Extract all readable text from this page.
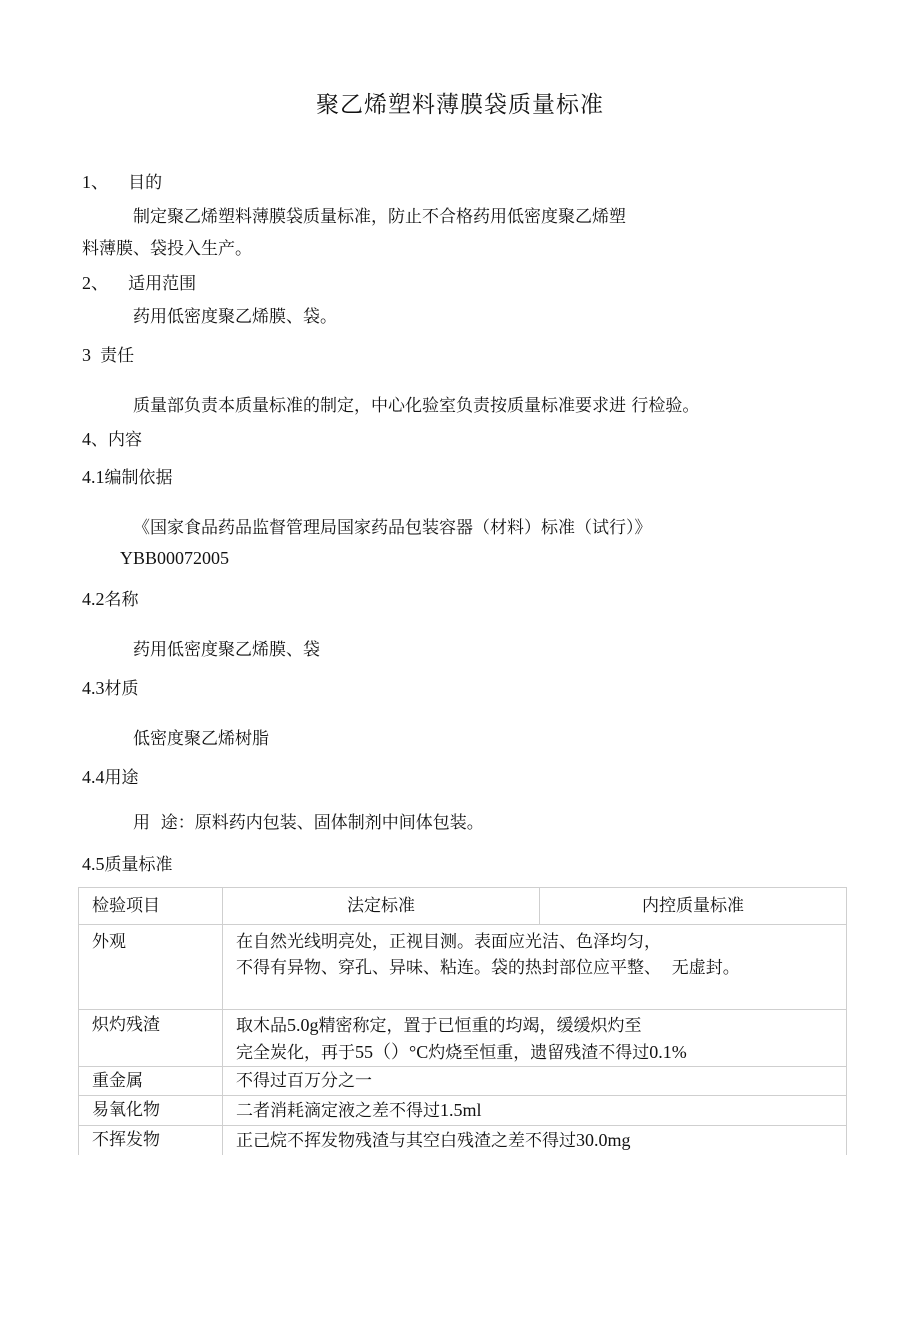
聚乙烯塑料薄膜袋质量标准
1、 目的
制定聚乙烯塑料薄膜袋质量标准，防止不合格药用低密度聚乙烯塑
料薄膜、袋投入生产。
2、 适用范围
药用低密度聚乙烯膜、袋。
3 责任
质量部负责本质量标准的制定，中心化验室负责按质量标准要求进 行检验。
4、内容
4.1编制依据
《国家食品药品监督管理局国家药品包装容器（材料）标准（试行）》
YBB00072005
4.2名称
药用低密度聚乙烯膜、袋
4.3材质
低密度聚乙烯树脂
4.4用途
用  途：原料药内包装、固体制剂中间体包装。
4.5质量标准
检验项目	法定标准	内控质量标准
外观	在自然光线明亮处，正视目测。表面应光洁、色泽均匀，
不得有异物、穿孔、异味、粘连。袋的热封部位应平整、  无虚封。	

炽灼残渣	取木品5.0g精密称定，置于已恒重的均竭，缓缓炽灼至
完全炭化，再于55（）°C灼烧至恒重，遗留残渣不得过0.1%	

重金属	不得过百万分之一	
易氧化物	二者消耗滴定液之差不得过1.5ml	
不挥发物	正己烷不挥发物残渣与其空白残渣之差不得过30.0mg	
